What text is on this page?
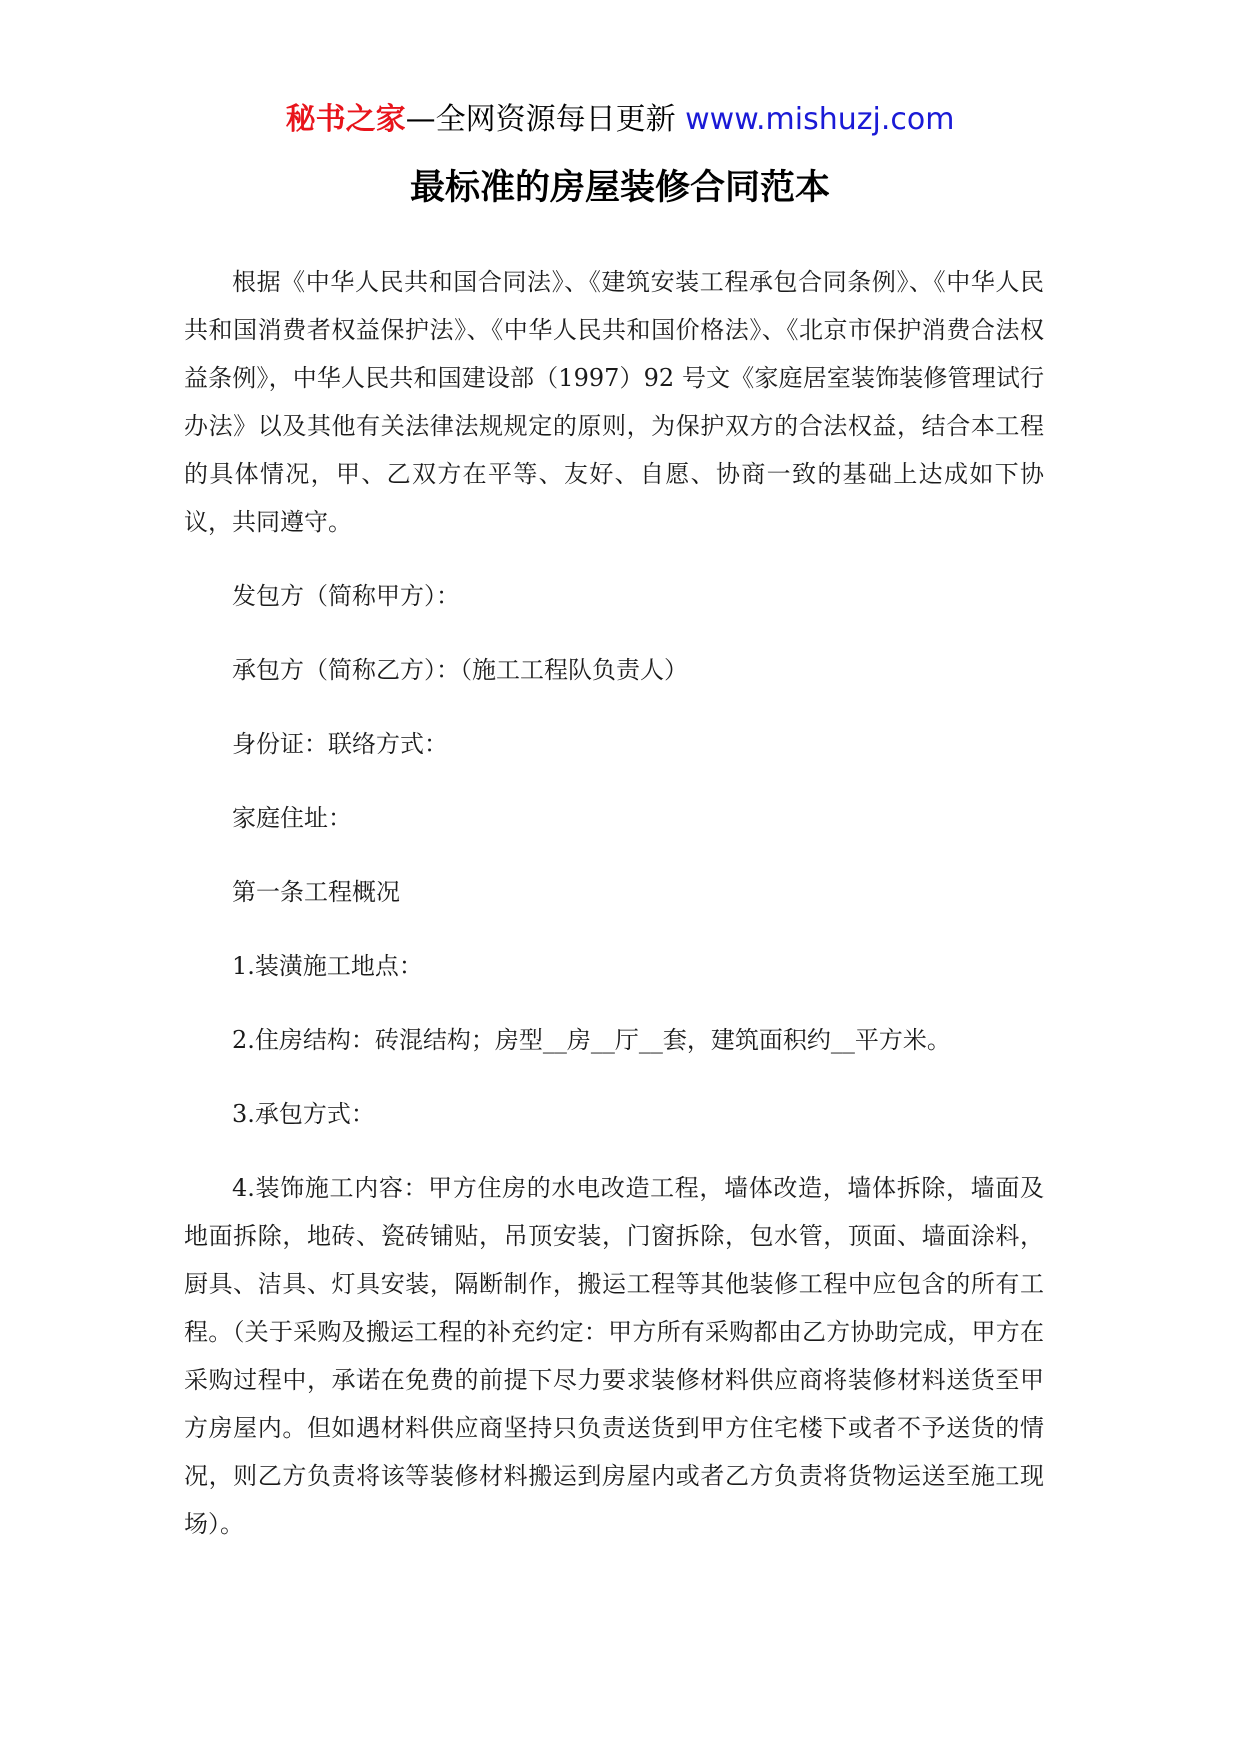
秘书之家—全网资源每日更新 www.mishuzj.com
最标准的房屋装修合同范本

根据《中华人民共和国合同法》、《建筑安装工程承包合同条例》、《中华人民共和国消费者权益保护法》、《中华人民共和国价格法》、《北京市保护消费合法权益条例》，中华人民共和国建设部（1997）92 号文《家庭居室装饰装修管理试行办法》以及其他有关法律法规规定的原则，为保护双方的合法权益，结合本工程的具体情况，甲、乙双方在平等、友好、自愿、协商一致的基础上达成如下协议，共同遵守。

发包方（简称甲方）：

承包方（简称乙方）：（施工工程队负责人）

身份证：联络方式：

家庭住址：

第一条工程概况

1.装潢施工地点：

2.住房结构：砖混结构；房型__房__厅__套，建筑面积约__平方米。

3.承包方式：

4.装饰施工内容：甲方住房的水电改造工程，墙体改造，墙体拆除，墙面及地面拆除，地砖、瓷砖铺贴，吊顶安装，门窗拆除，包水管，顶面、墙面涂料，厨具、洁具、灯具安装，隔断制作，搬运工程等其他装修工程中应包含的所有工程。（关于采购及搬运工程的补充约定：甲方所有采购都由乙方协助完成，甲方在采购过程中，承诺在免费的前提下尽力要求装修材料供应商将装修材料送货至甲方房屋内。但如遇材料供应商坚持只负责送货到甲方住宅楼下或者不予送货的情况，则乙方负责将该等装修材料搬运到房屋内或者乙方负责将货物运送至施工现场）。
